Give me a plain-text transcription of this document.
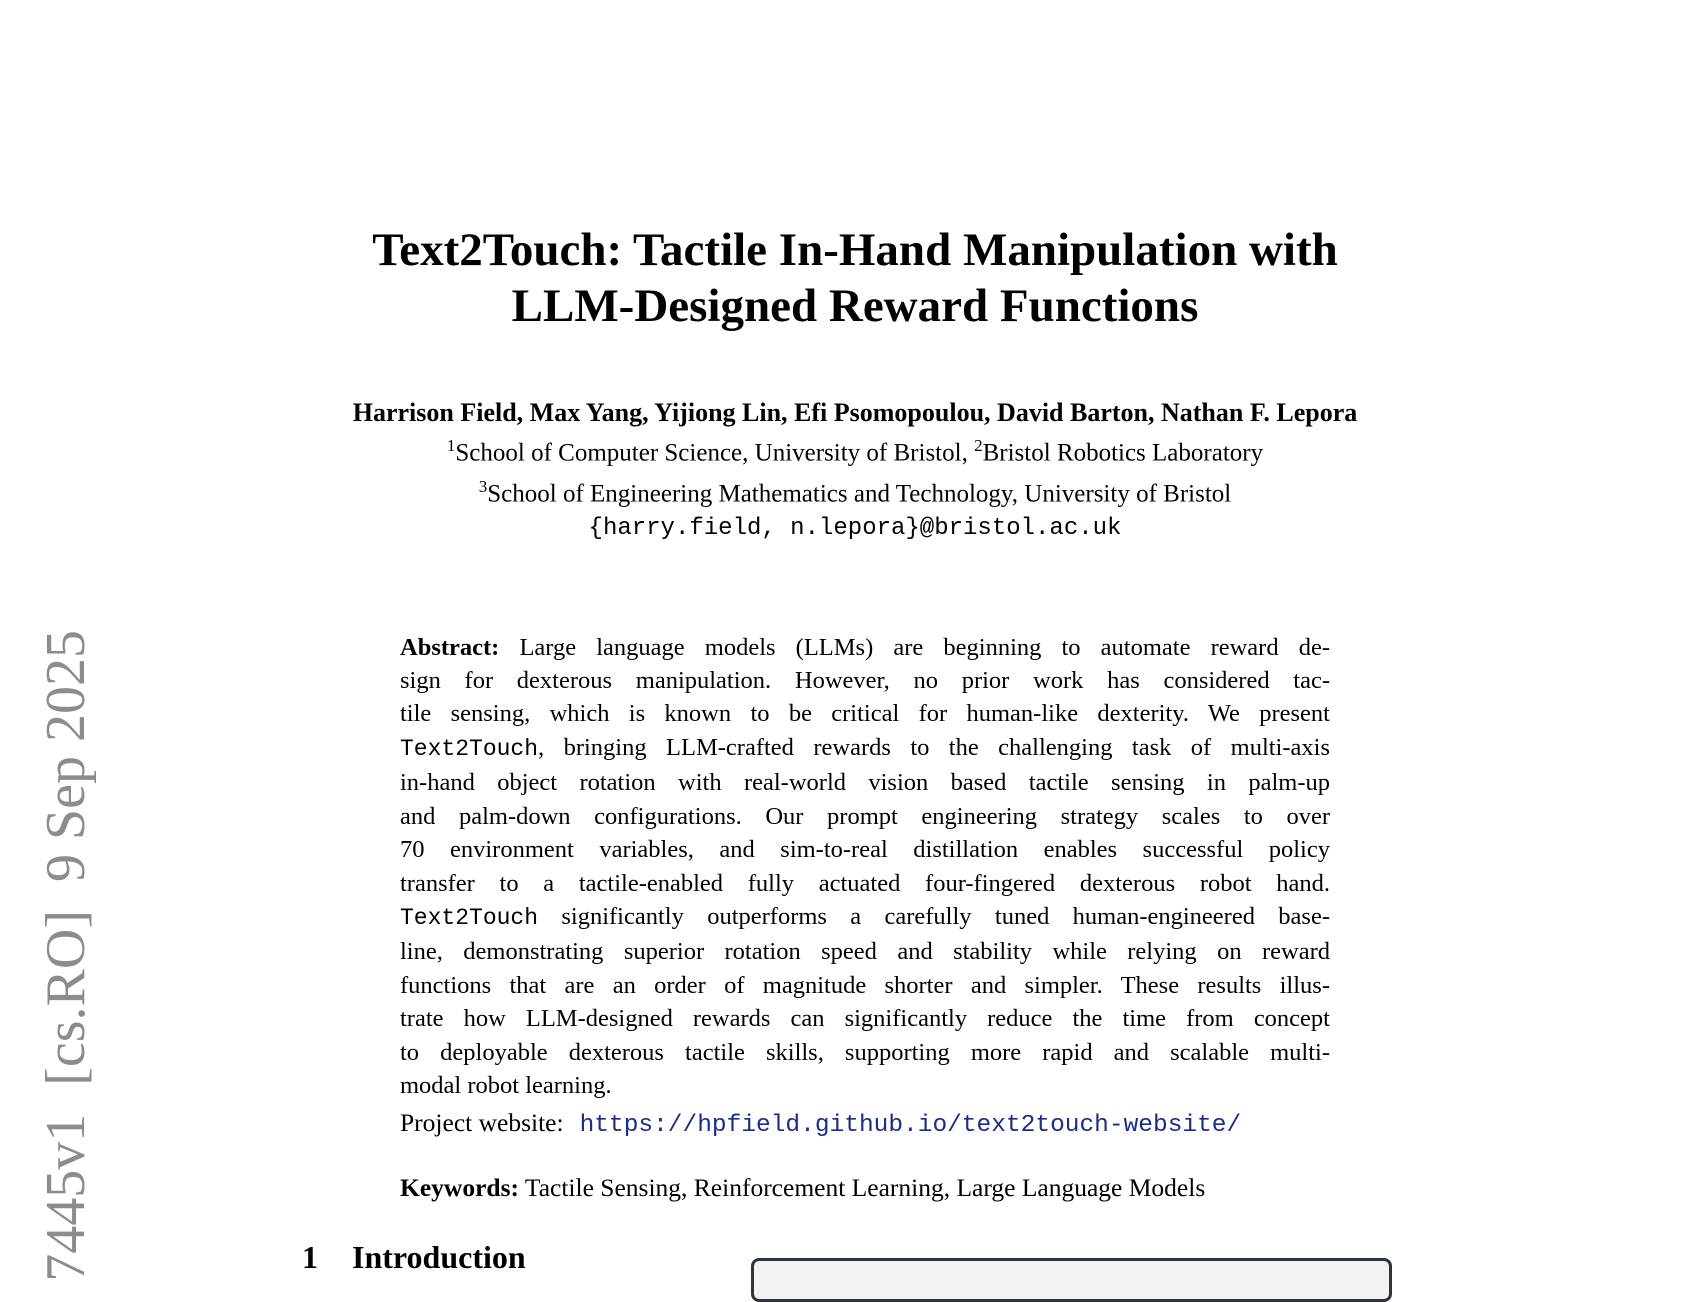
7445v1  [cs.RO]  9 Sep 2025
Text2Touch: Tactile In-Hand Manipulation with
LLM-Designed Reward Functions
Harrison Field, Max Yang, Yijiong Lin, Efi Psomopoulou, David Barton, Nathan F. Lepora
$^1$School of Computer Science, University of Bristol, $^2$Bristol Robotics Laboratory
$^3$School of Engineering Mathematics and Technology, University of Bristol
{harry.field, n.lepora}@bristol.ac.uk
Abstract: Large language models (LLMs) are beginning to automate reward de-
sign for dexterous manipulation. However, no prior work has considered tac-
tile sensing, which is known to be critical for human-like dexterity. We present
Text2Touch, bringing LLM-crafted rewards to the challenging task of multi-axis
in-hand object rotation with real-world vision based tactile sensing in palm-up
and palm-down configurations. Our prompt engineering strategy scales to over
70 environment variables, and sim-to-real distillation enables successful policy
transfer to a tactile-enabled fully actuated four-fingered dexterous robot hand.
Text2Touch significantly outperforms a carefully tuned human-engineered base-
line, demonstrating superior rotation speed and stability while relying on reward
functions that are an order of magnitude shorter and simpler. These results illus-
trate how LLM-designed rewards can significantly reduce the time from concept
to deployable dexterous tactile skills, supporting more rapid and scalable multi-
modal robot learning.
Project website: https://hpfield.github.io/text2touch-website/
Keywords: Tactile Sensing, Reinforcement Learning, Large Language Models
1 Introduction
